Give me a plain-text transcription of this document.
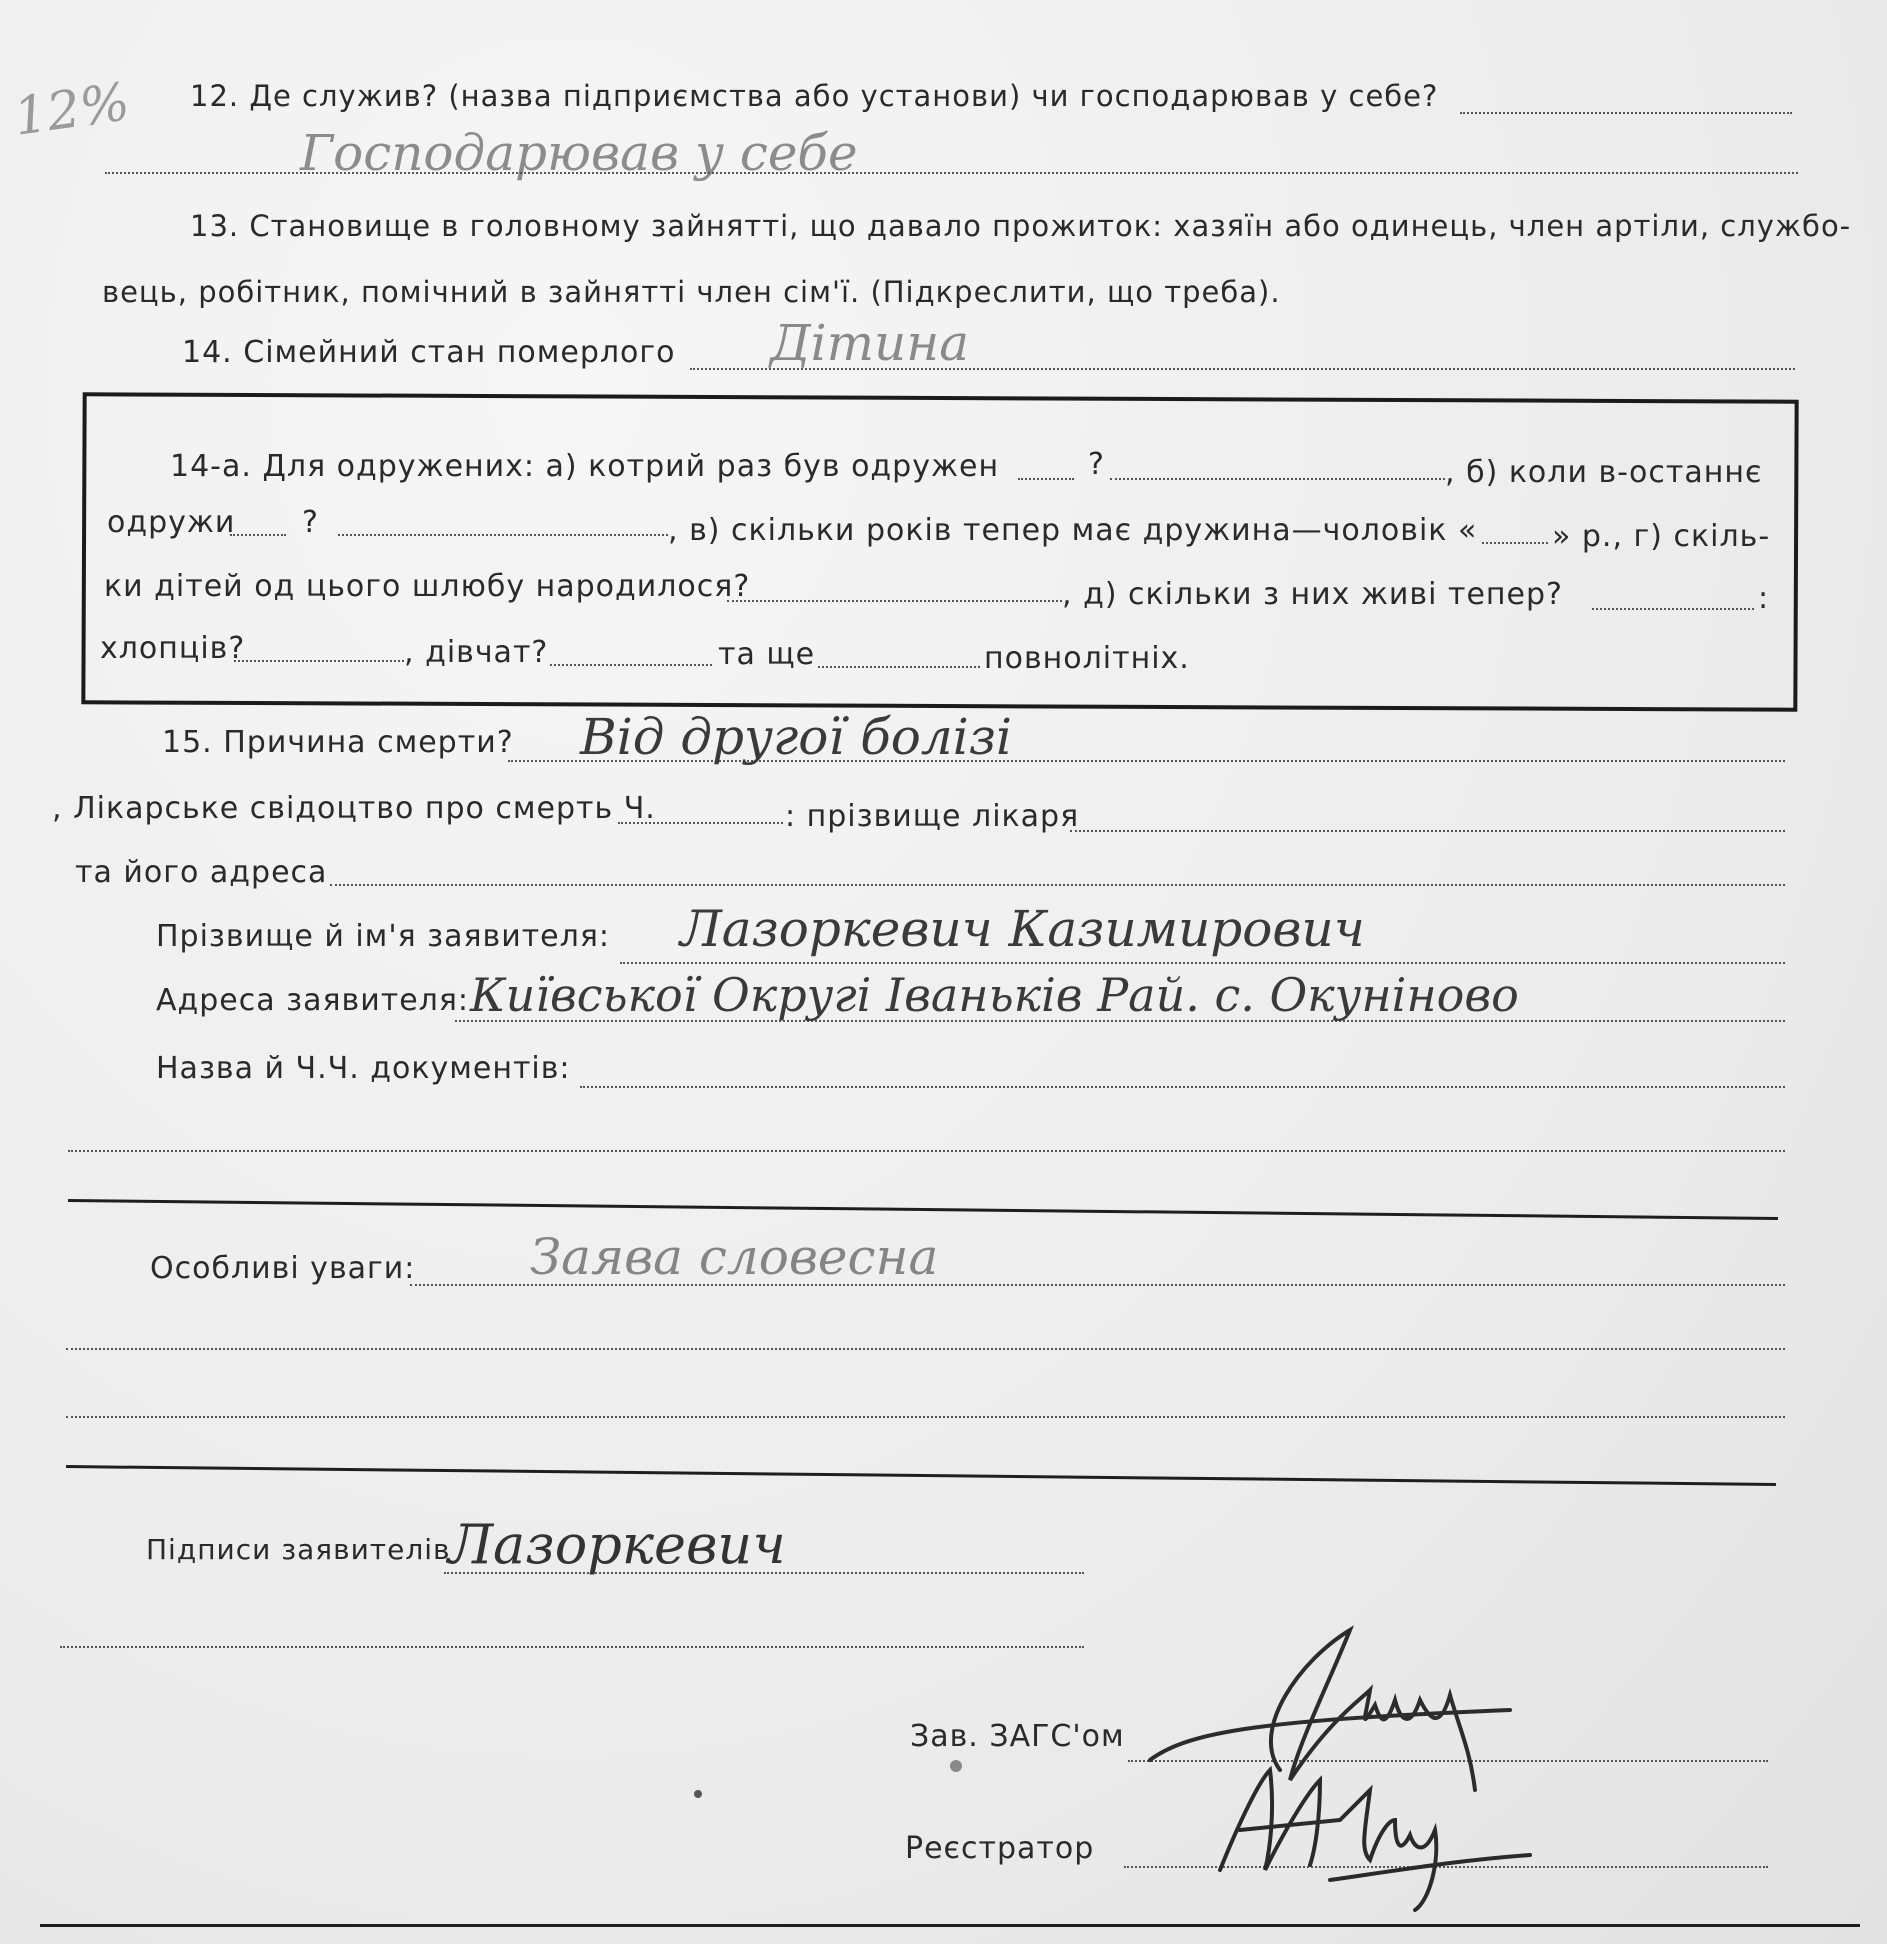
12% 12. Де служив? (назва підприємства або установи) чи господарював у себе?
Господарював у себе
13. Становище в головному зайнятті, що давало прожиток: хазяїн або одинець, член артіли, службо-
вець, робітник, помічний в зайнятті член сім'ї. (Підкреслити, що треба).
14. Сімейний стан померлого Дітина
14-а. Для одружених: а) котрий раз був одружен	?	, б) коли в-останнє
одружи ?	, в) скільки років тепер має дружина—чоловік « » р., г) скіль-
ки дітей од цього шлюбу народилося?	, д) скільки з них живі тепер?	:
хлопців?	, дівчат?	та ще	повнолітніх.
15. Причина смерти? Від другої болізі
, Лікарське свідоцтво про смерть Ч.	: прізвище лікаря
та його адреса
Прізвище й ім'я заявителя: Лазоркевич Казимирович
Адреса заявителя: Київської Округі Іваньків Рай. с. Окуніново
Назва й Ч.Ч. документів:
Особливі уваги: Заява словесна
Підписи заявителів
Лазоркевич
Зав. ЗАГС'ом
Реєстратор
